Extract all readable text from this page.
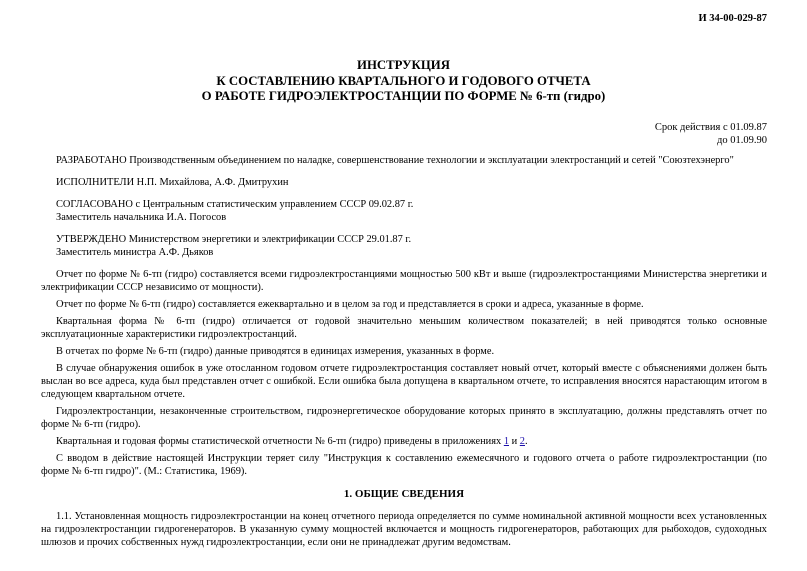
И 34-00-029-87
ИНСТРУКЦИЯ
К СОСТАВЛЕНИЮ КВАРТАЛЬНОГО И ГОДОВОГО ОТЧЕТА
О РАБОТЕ ГИДРОЭЛЕКТРОСТАНЦИИ ПО ФОРМЕ № 6-тп (гидро)
Срок действия с 01.09.87
до 01.09.90

РАЗРАБОТАНО Производственным объединением по наладке, совершенствование технологии и эксплуатации электростанций и сетей "Союзтехэнерго"

ИСПОЛНИТЕЛИ Н.П. Михайлова, А.Ф. Дмитрухин

СОГЛАСОВАНО с Центральным статистическим управлением СССР 09.02.87 г.
Заместитель начальника И.А. Погосов
УТВЕРЖДЕНО Министерством энергетики и электрификации СССР 29.01.87 г.
Заместитель министра А.Ф. Дьяков

Отчет по форме № 6-тп (гидро) составляется всеми гидроэлектростанциями мощностью 500 кВт и выше (гидроэлектростанциями Министерства энергетики и электрификации СССР независимо от мощности).

Отчет по форме № 6-тп (гидро) составляется ежеквартально и в целом за год и представляется в сроки и адреса, указанные в форме.

Квартальная форма № 6-тп (гидро) отличается от годовой значительно меньшим количеством показателей; в ней приводятся только основные эксплуатационные характеристики гидроэлектростанций.

В отчетах по форме № 6-тп (гидро) данные приводятся в единицах измерения, указанных в форме.

В случае обнаружения ошибок в уже отосланном годовом отчете гидроэлектростанция составляет новый отчет, который вместе с объяснениями должен быть выслан во все адреса, куда был представлен отчет с ошибкой. Если ошибка была допущена в квартальном отчете, то исправления вносятся нарастающим итогом в следующем квартальном отчете.

Гидроэлектростанции, незаконченные строительством, гидроэнергетическое оборудование которых принято в эксплуатацию, должны представлять отчет по форме № 6-тп (гидро).

Квартальная и годовая формы статистической отчетности № 6-тп (гидро) приведены в приложениях 1 и 2.

С вводом в действие настоящей Инструкции теряет силу "Инструкция к составлению ежемесячного и годового отчета о работе гидроэлектростанции (по форме № 6-тп гидро)". (М.: Статистика, 1969).

1. ОБЩИЕ СВЕДЕНИЯ

1.1. Установленная мощность гидроэлектростанции на конец отчетного периода определяется по сумме номинальной активной мощности всех установленных на гидроэлектростанции гидрогенераторов. В указанную сумму мощностей включается и мощность гидрогенераторов, работающих для рыбоходов, судоходных шлюзов и прочих собственных нужд гидроэлектростанции, если они не принадлежат другим ведомствам.
